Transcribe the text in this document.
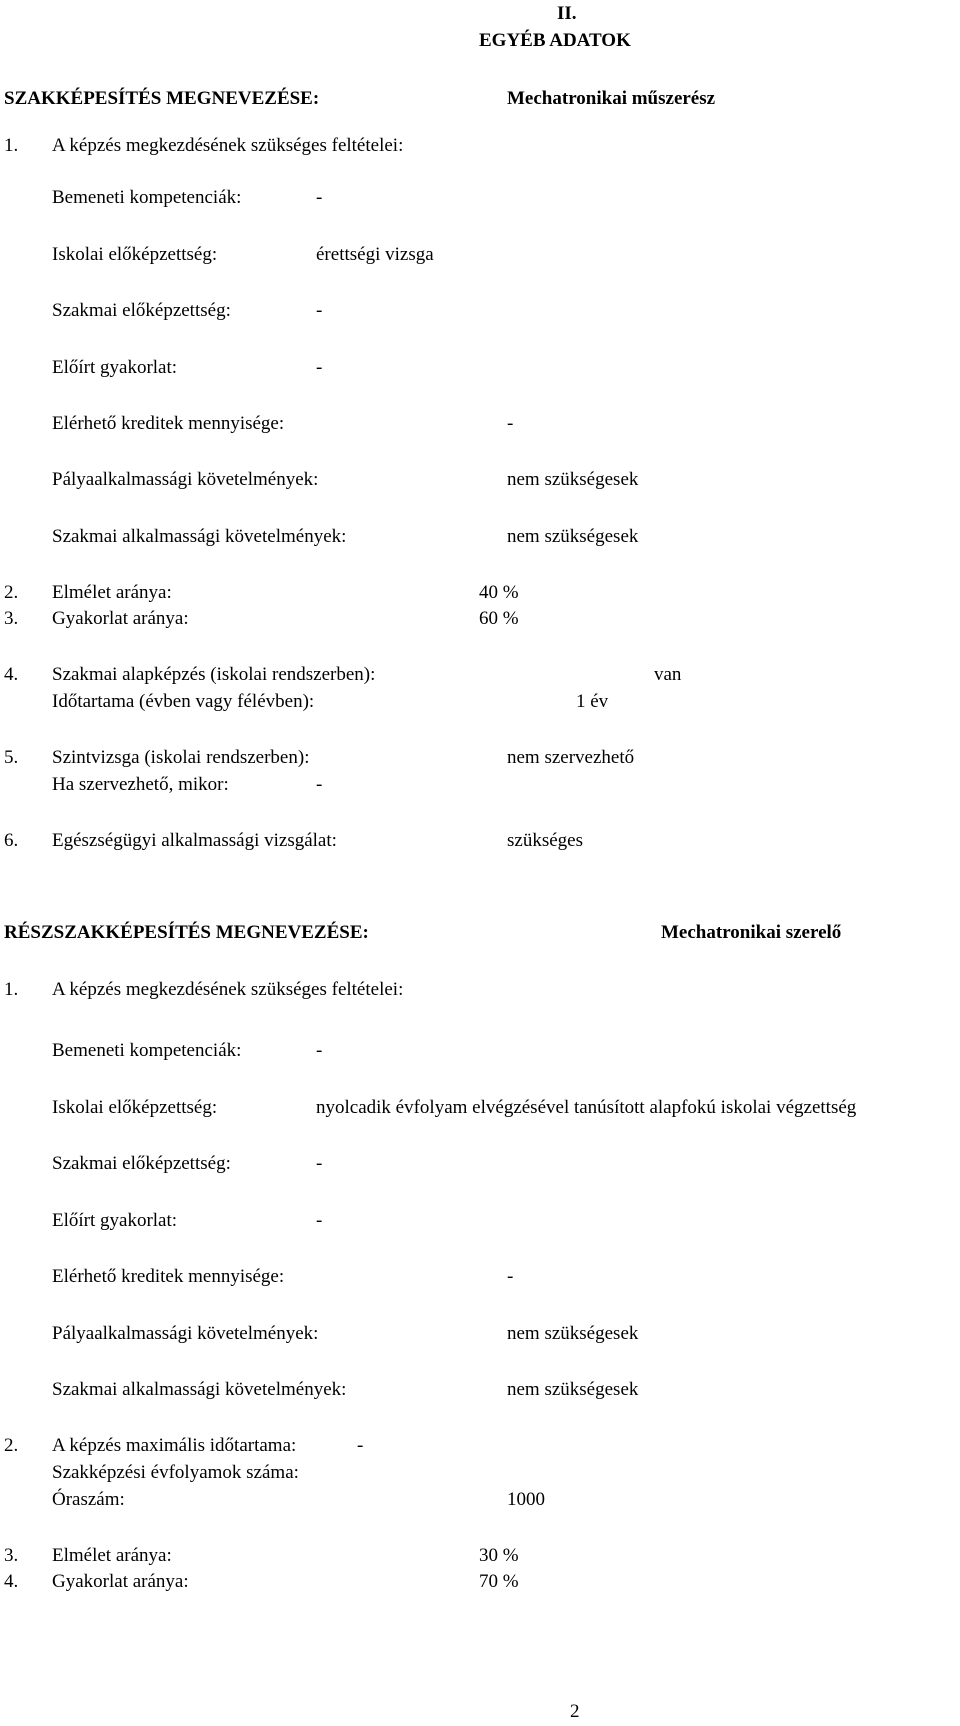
II.
EGYÉB ADATOK
SZAKKÉPESÍTÉS MEGNEVEZÉSE:	Mechatronikai műszerész
1. A képzés megkezdésének szükséges feltételei:
Bemeneti kompetenciák:	-
Iskolai előképzettség:	érettségi vizsga
Szakmai előképzettség:	-
Előírt gyakorlat:	-
Elérhető kreditek mennyisége:	-
Pályaalkalmassági követelmények:	nem szükségesek
Szakmai alkalmassági követelmények:	nem szükségesek
2. Elmélet aránya:	40 %
3. Gyakorlat aránya:	60 %
4. Szakmai alapképzés (iskolai rendszerben):	van
Időtartama (évben vagy félévben):	1 év
5. Szintvizsga (iskolai rendszerben):	nem szervezhető
Ha szervezhető, mikor:	-
6. Egészségügyi alkalmassági vizsgálat:	szükséges
RÉSZSZAKKÉPESÍTÉS MEGNEVEZÉSE:	Mechatronikai szerelő
1. A képzés megkezdésének szükséges feltételei:
Bemeneti kompetenciák:	-
Iskolai előképzettség:	nyolcadik évfolyam elvégzésével tanúsított alapfokú iskolai végzettség
Szakmai előképzettség:	-
Előírt gyakorlat:	-
Elérhető kreditek mennyisége:	-
Pályaalkalmassági követelmények:	nem szükségesek
Szakmai alkalmassági követelmények:	nem szükségesek
2. A képzés maximális időtartama:	-
Szakképzési évfolyamok száma:
Óraszám:	1000
3. Elmélet aránya:	30 %
4. Gyakorlat aránya:	70 %
2
